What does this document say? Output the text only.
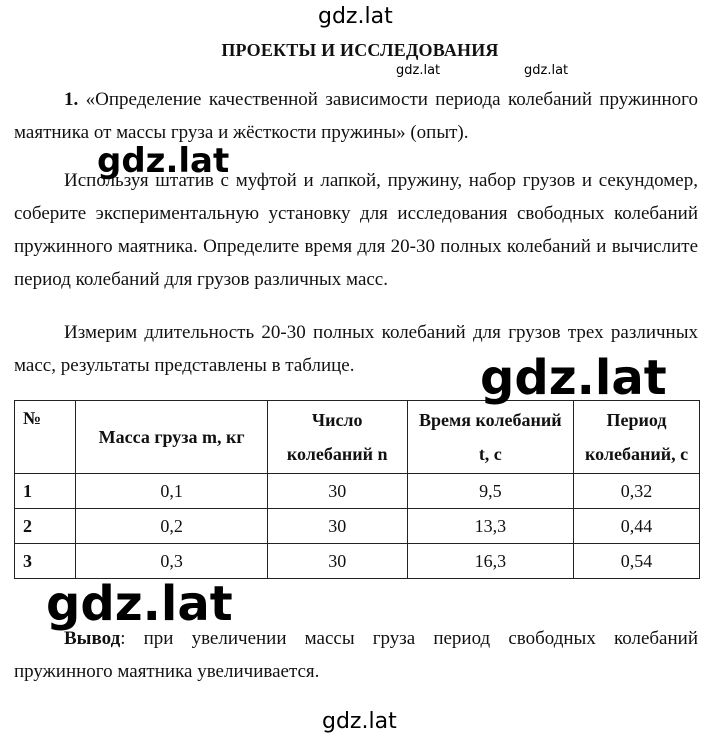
gdz.lat
ПРОЕКТЫ И ИССЛЕДОВАНИЯ
gdz.lat	gdz.lat

1. «Определение качественной зависимости периода колебаний пружинного маятника от массы груза и жёсткости пружины» (опыт).

Используя штатив с муфтой и лапкой, пружину, набор грузов и секундомер, соберите экспериментальную установку для исследования свободных колебаний пружинного маятника. Определите время для 20-30 полных колебаний и вычислите период колебаний для грузов различных масс.

Измерим длительность 20-30 полных колебаний для грузов трех различных масс, результаты представлены в таблице.

№	Масса груза m, кг	Число колебаний n	Время колебаний t, с	Период колебаний, с
1	0,1	30	9,5	0,32
2	0,2	30	13,3	0,44
3	0,3	30	16,3	0,54

Вывод: при увеличении массы груза период свободных колебаний пружинного маятника увеличивается.

gdz.lat
gdz.lat
gdz.lat
gdz.lat
